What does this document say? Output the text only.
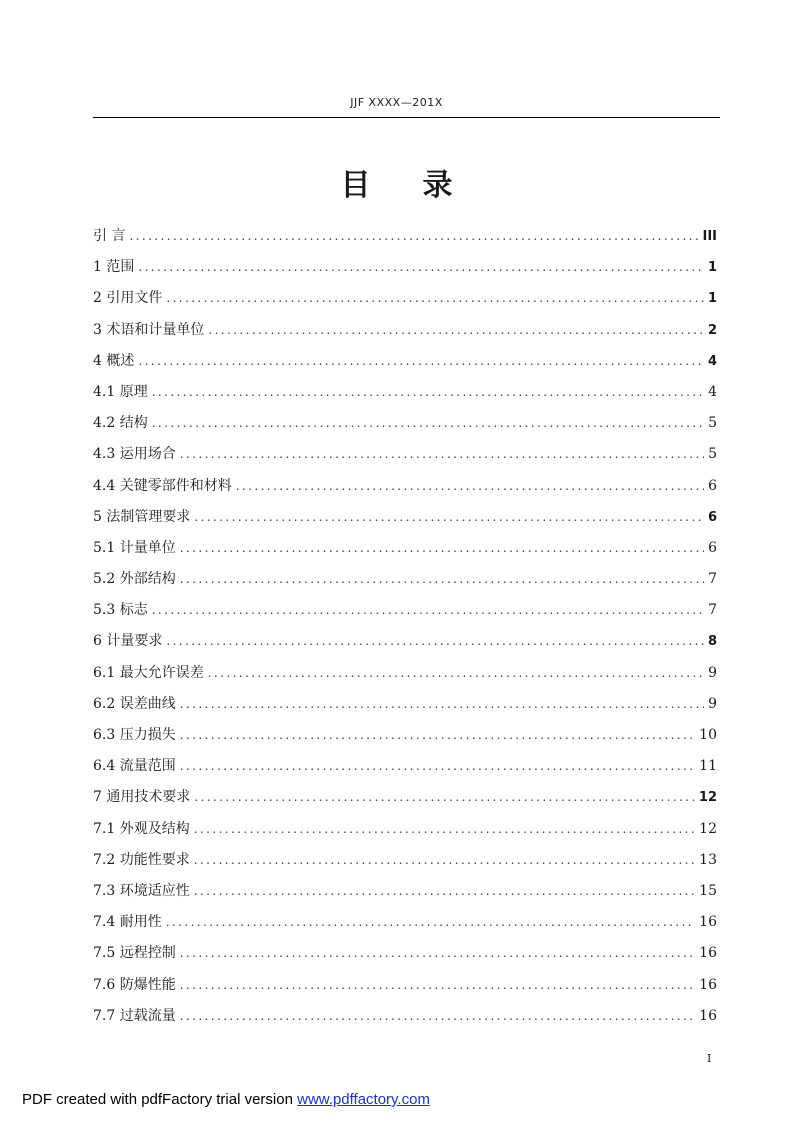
JJF XXXX—201X
目录
引 言 .....	III
1 范围 .....	1
2 引用文件 .....	1
3 术语和计量单位 .....	2
4 概述 .....	4
4.1 原理 .....	4
4.2 结构 .....	5
4.3 运用场合 .....	5
4.4 关键零部件和材料 .....	6
5 法制管理要求 .....	6
5.1 计量单位 .....	6
5.2 外部结构 .....	7
5.3 标志 .....	7
6 计量要求 .....	8
6.1 最大允许误差 .....	9
6.2 误差曲线 .....	9
6.3 压力损失 .....	10
6.4 流量范围 .....	11
7 通用技术要求 .....	12
7.1 外观及结构 .....	12
7.2 功能性要求 .....	13
7.3 环境适应性 .....	15
7.4 耐用性 .....	16
7.5 远程控制 .....	16
7.6 防爆性能 .....	16
7.7 过载流量 .....	16
I
PDF created with pdfFactory trial version www.pdffactory.com
